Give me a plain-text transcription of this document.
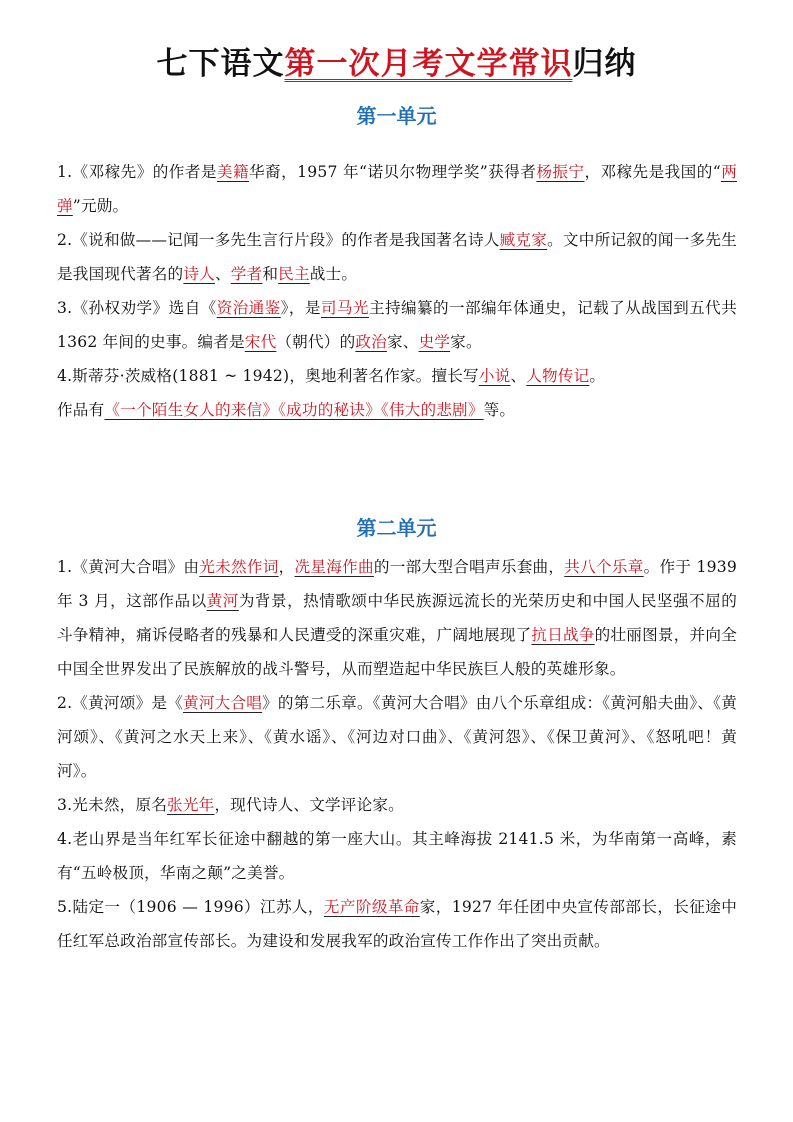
七下语文第一次月考文学常识归纳
第一单元

1.《邓稼先》的作者是美籍华裔，1957 年“诺贝尔物理学奖”获得者杨振宁，邓稼先是我国的“两弹”元勋。

2.《说和做——记闻一多先生言行片段》的作者是我国著名诗人臧克家。文中所记叙的闻一多先生是我国现代著名的诗人、学者和民主战士。

3.《孙权劝学》选自《资治通鉴》，是司马光主持编纂的一部编年体通史，记载了从战国到五代共 1362 年间的史事。编者是宋代（朝代）的政治家、史学家。

4.斯蒂芬·茨威格(1881 ~ 1942)，奥地利著名作家。擅长写小说、人物传记。

作品有《一个陌生女人的来信》《成功的秘诀》《伟大的悲剧》等。

第二单元

1.《黄河大合唱》由光未然作词，冼星海作曲的一部大型合唱声乐套曲，共八个乐章。作于 1939 年 3 月，这部作品以黄河为背景，热情歌颂中华民族源远流长的光荣历史和中国人民坚强不屈的斗争精神，痛诉侵略者的残暴和人民遭受的深重灾难，广阔地展现了抗日战争的壮丽图景，并向全中国全世界发出了民族解放的战斗警号，从而塑造起中华民族巨人般的英雄形象。

2.《黄河颂》是《黄河大合唱》的第二乐章。《黄河大合唱》由八个乐章组成：《黄河船夫曲》、《黄河颂》、《黄河之水天上来》、《黄水谣》、《河边对口曲》、《黄河怨》、《保卫黄河》、《怒吼吧！黄河》。

3.光未然，原名张光年，现代诗人、文学评论家。

4.老山界是当年红军长征途中翻越的第一座大山。其主峰海拔 2141.5 米，为华南第一高峰，素有“五岭极顶，华南之颠”之美誉。

5.陆定一（1906 — 1996）江苏人，无产阶级革命家，1927 年任团中央宣传部部长，长征途中任红军总政治部宣传部长。为建设和发展我军的政治宣传工作作出了突出贡献。
